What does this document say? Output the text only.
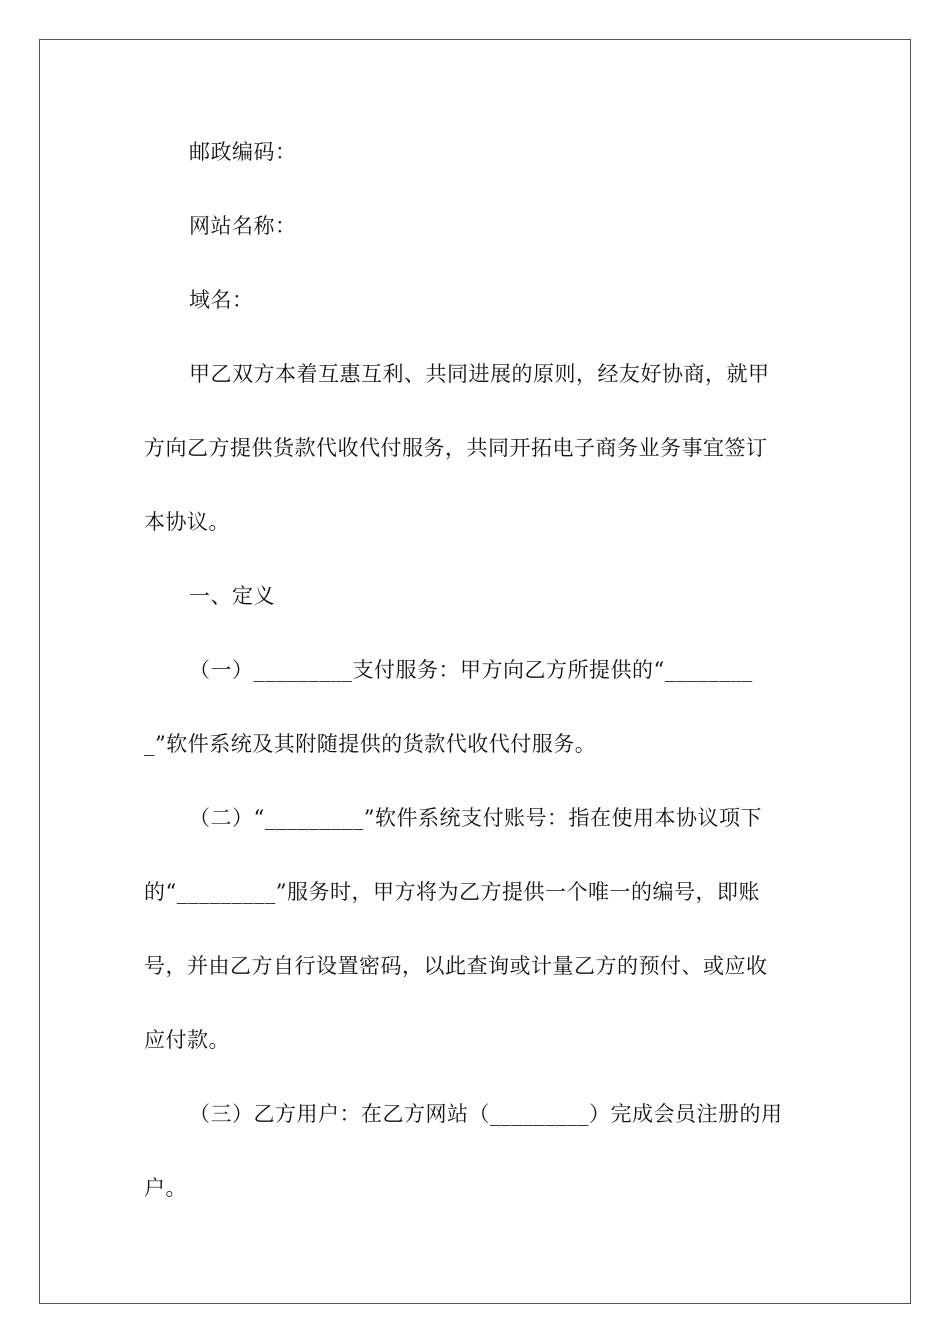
邮政编码：
网站名称：
域名：
甲乙双方本着互惠互利、共同进展的原则，经友好协商，就甲
方向乙方提供货款代收代付服务，共同开拓电子商务业务事宜签订
本协议。
一、定义
（一）_________支付服务：甲方向乙方所提供的“________
_”软件系统及其附随提供的货款代收代付服务。
（二）“_________”软件系统支付账号：指在使用本协议项下
的“_________”服务时，甲方将为乙方提供一个唯一的编号，即账
号，并由乙方自行设置密码，以此查询或计量乙方的预付、或应收
应付款。
（三）乙方用户：在乙方网站（_________）完成会员注册的用
户。
